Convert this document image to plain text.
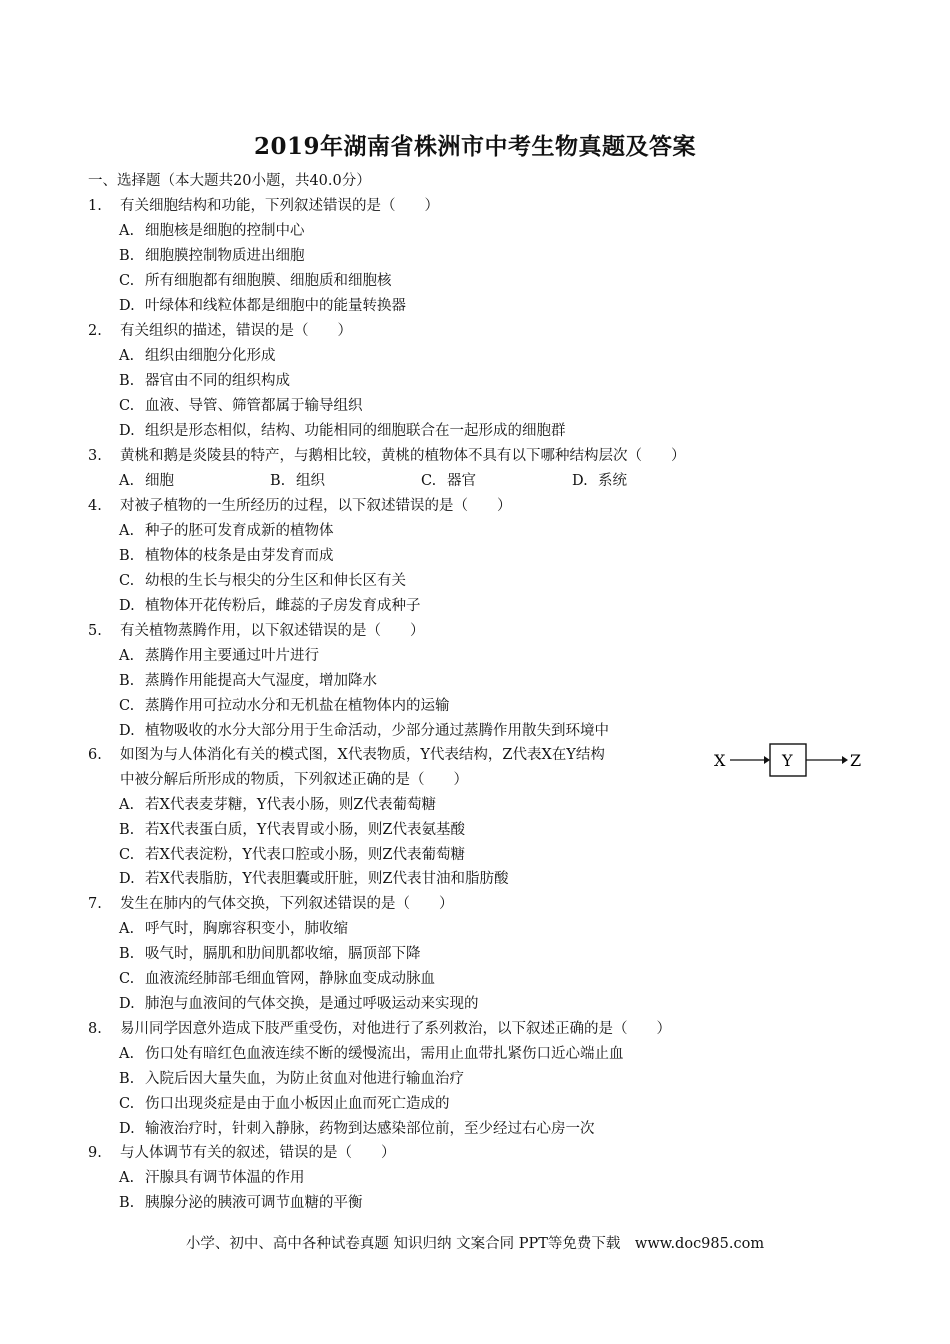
2019年湖南省株洲市中考生物真题及答案
一、选择题（本大题共20小题，共40.0分）
1. 有关细胞结构和功能，下列叙述错误的是（　　）
A. 细胞核是细胞的控制中心
B. 细胞膜控制物质进出细胞
C. 所有细胞都有细胞膜、细胞质和细胞核
D. 叶绿体和线粒体都是细胞中的能量转换器
2. 有关组织的描述，错误的是（　　）
A. 组织由细胞分化形成
B. 器官由不同的组织构成
C. 血液、导管、筛管都属于输导组织
D. 组织是形态相似，结构、功能相同的细胞联合在一起形成的细胞群
3. 黄桃和鹅是炎陵县的特产，与鹅相比较，黄桃的植物体不具有以下哪种结构层次（　　）
A. 细胞	B. 组织	C. 器官	D. 系统
4. 对被子植物的一生所经历的过程，以下叙述错误的是（　　）
A. 种子的胚可发育成新的植物体
B. 植物体的枝条是由芽发育而成
C. 幼根的生长与根尖的分生区和伸长区有关
D. 植物体开花传粉后，雌蕊的子房发育成种子
5. 有关植物蒸腾作用，以下叙述错误的是（　　）
A. 蒸腾作用主要通过叶片进行
B. 蒸腾作用能提高大气湿度，增加降水
C. 蒸腾作用可拉动水分和无机盐在植物体内的运输
D. 植物吸收的水分大部分用于生命活动，少部分通过蒸腾作用散失到环境中
6. 如图为与人体消化有关的模式图，X代表物质，Y代表结构，Z代表X在Y结构
中被分解后所形成的物质，下列叙述正确的是（　　）
X	Y	Z
A. 若X代表麦芽糖，Y代表小肠，则Z代表葡萄糖
B. 若X代表蛋白质，Y代表胃或小肠，则Z代表氨基酸
C. 若X代表淀粉，Y代表口腔或小肠，则Z代表葡萄糖
D. 若X代表脂肪，Y代表胆囊或肝脏，则Z代表甘油和脂肪酸
7. 发生在肺内的气体交换，下列叙述错误的是（　　）
A. 呼气时，胸廓容积变小，肺收缩
B. 吸气时，膈肌和肋间肌都收缩，膈顶部下降
C. 血液流经肺部毛细血管网，静脉血变成动脉血
D. 肺泡与血液间的气体交换，是通过呼吸运动来实现的
8. 易川同学因意外造成下肢严重受伤，对他进行了系列救治，以下叙述正确的是（　　）
A. 伤口处有暗红色血液连续不断的缓慢流出，需用止血带扎紧伤口近心端止血
B. 入院后因大量失血，为防止贫血对他进行输血治疗
C. 伤口出现炎症是由于血小板因止血而死亡造成的
D. 输液治疗时，针刺入静脉，药物到达感染部位前，至少经过右心房一次
9. 与人体调节有关的叙述，错误的是（　　）
A. 汗腺具有调节体温的作用
B. 胰腺分泌的胰液可调节血糖的平衡
小学、初中、高中各种试卷真题 知识归纳 文案合同 PPT等免费下载　www.doc985.com
